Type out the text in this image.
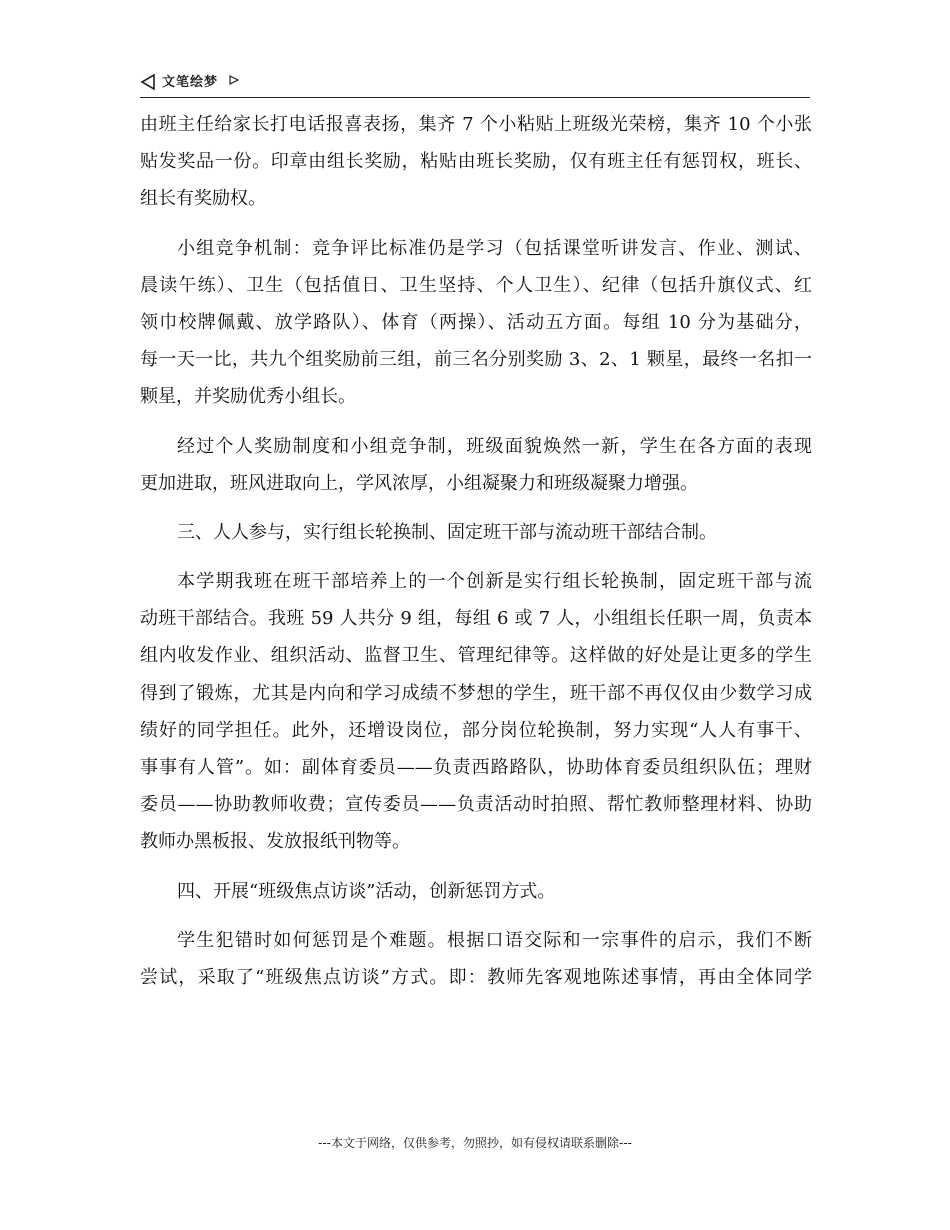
文笔绘梦
由班主任给家长打电话报喜表扬，集齐 7 个小粘贴上班级光荣榜，集齐 10 个小张
贴发奖品一份。印章由组长奖励，粘贴由班长奖励，仅有班主任有惩罚权，班长、
组长有奖励权。
小组竞争机制：竞争评比标准仍是学习（包括课堂听讲发言、作业、测试、
晨读午练）、卫生（包括值日、卫生坚持、个人卫生）、纪律（包括升旗仪式、红
领巾校牌佩戴、放学路队）、体育（两操）、活动五方面。每组 10 分为基础分，
每一天一比，共九个组奖励前三组，前三名分别奖励 3、2、1 颗星，最终一名扣一
颗星，并奖励优秀小组长。
经过个人奖励制度和小组竞争制，班级面貌焕然一新，学生在各方面的表现
更加进取，班风进取向上，学风浓厚，小组凝聚力和班级凝聚力增强。
三、人人参与，实行组长轮换制、固定班干部与流动班干部结合制。
本学期我班在班干部培养上的一个创新是实行组长轮换制，固定班干部与流
动班干部结合。我班 59 人共分 9 组，每组 6 或 7 人，小组组长任职一周，负责本
组内收发作业、组织活动、监督卫生、管理纪律等。这样做的好处是让更多的学生
得到了锻炼，尤其是内向和学习成绩不梦想的学生，班干部不再仅仅由少数学习成
绩好的同学担任。此外，还增设岗位，部分岗位轮换制，努力实现“人人有事干、
事事有人管”。如：副体育委员——负责西路路队，协助体育委员组织队伍；理财
委员——协助教师收费；宣传委员——负责活动时拍照、帮忙教师整理材料、协助
教师办黑板报、发放报纸刊物等。
四、开展“班级焦点访谈”活动，创新惩罚方式。
学生犯错时如何惩罚是个难题。根据口语交际和一宗事件的启示，我们不断
尝试，采取了“班级焦点访谈”方式。即：教师先客观地陈述事情，再由全体同学
---本文于网络，仅供参考，勿照抄，如有侵权请联系删除---
